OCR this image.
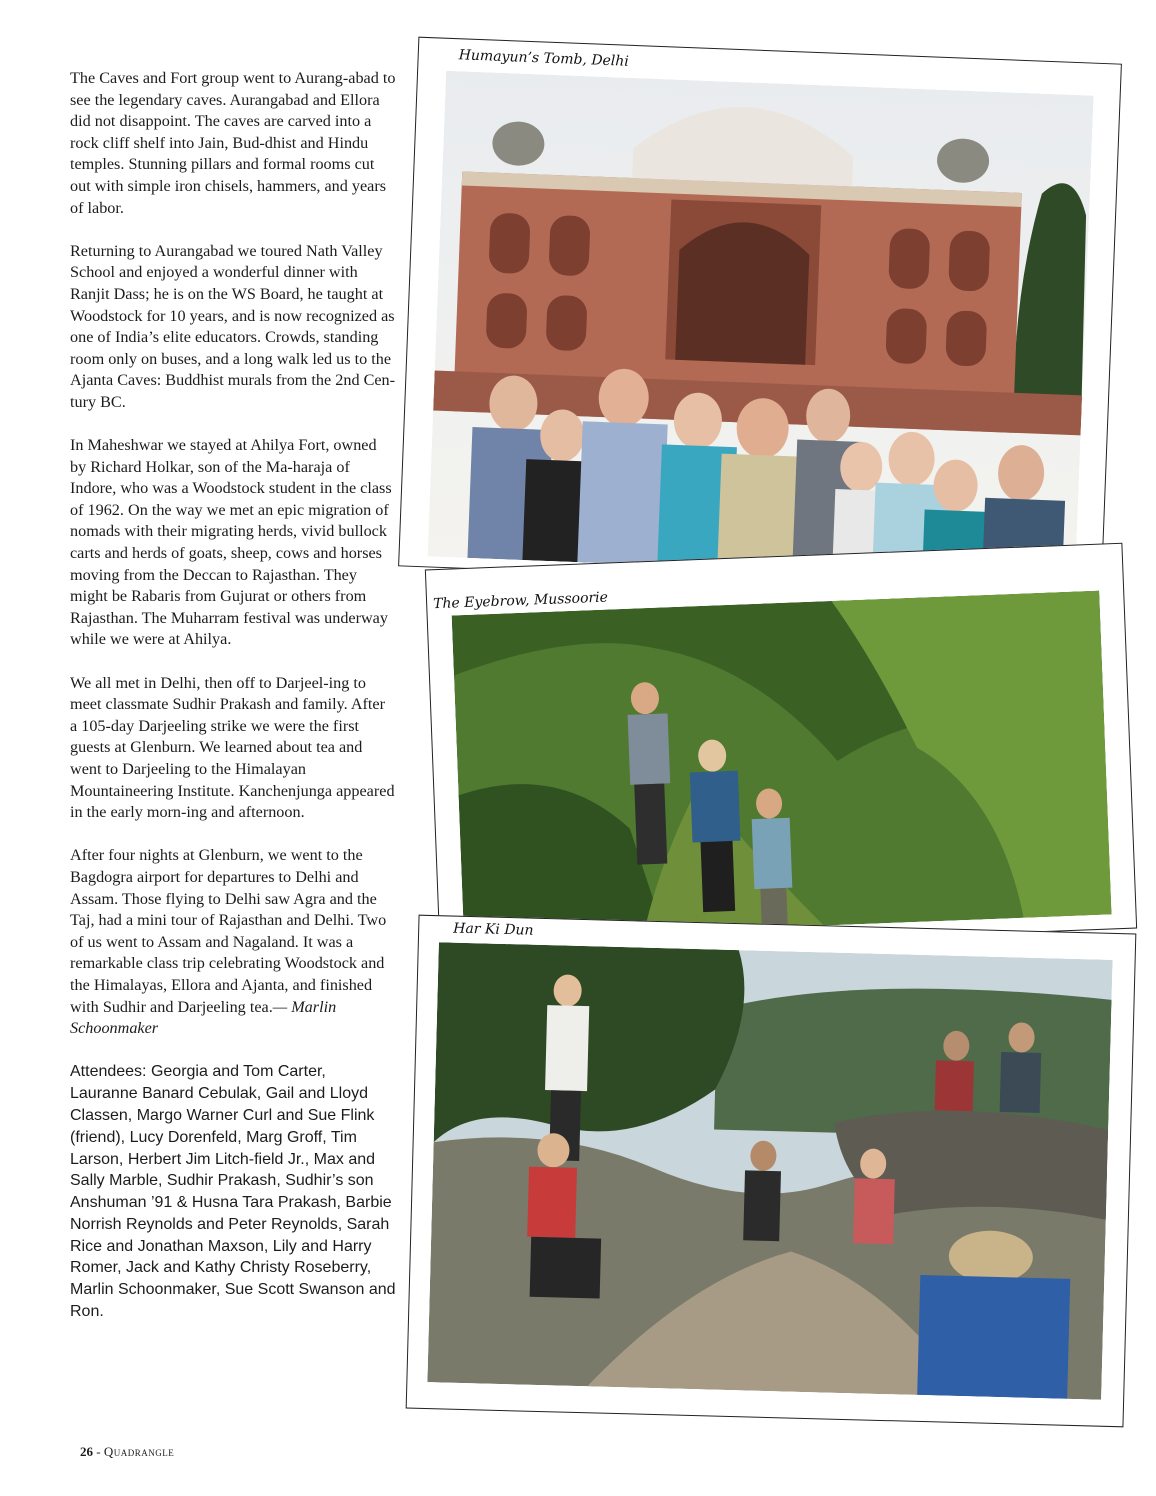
The Caves and Fort group went to Aurang-abad to see the legendary caves. Aurangabad and Ellora did not disappoint. The caves are carved into a rock cliff shelf into Jain, Bud-dhist and Hindu temples. Stunning pillars and formal rooms cut out with simple iron chisels, hammers, and years of labor.

Returning to Aurangabad we toured Nath Valley School and enjoyed a wonderful dinner with Ranjit Dass; he is on the WS Board, he taught at Woodstock for 10 years, and is now recognized as one of India’s elite educators. Crowds, standing room only on buses, and a long walk led us to the Ajanta Caves: Buddhist murals from the 2nd Cen-tury BC.

In Maheshwar we stayed at Ahilya Fort, owned by Richard Holkar, son of the Ma-haraja of Indore, who was a Woodstock student in the class of 1962. On the way we met an epic migration of nomads with their migrating herds, vivid bullock carts and herds of goats, sheep, cows and horses moving from the Deccan to Rajasthan. They might be Rabaris from Gujurat or others from Rajasthan. The Muharram festival was underway while we were at Ahilya.

We all met in Delhi, then off to Darjeel-ing to meet classmate Sudhir Prakash and family. After a 105-day Darjeeling strike we were the first guests at Glenburn. We learned about tea and went to Darjeeling to the Himalayan Mountaineering Institute. Kanchenjunga appeared in the early morn-ing and afternoon.

After four nights at Glenburn, we went to the Bagdogra airport for departures to Delhi and Assam. Those flying to Delhi saw Agra and the Taj, had a mini tour of Rajasthan and Delhi. Two of us went to Assam and Nagaland. It was a remarkable class trip celebrating Woodstock and the Himalayas, Ellora and Ajanta, and finished with Sudhir and Darjeeling tea.— Marlin Schoonmaker

Attendees: Georgia and Tom Carter, Lauranne Banard Cebulak, Gail and Lloyd Classen, Margo Warner Curl and Sue Flink (friend), Lucy Dorenfeld, Marg Groff, Tim Larson, Herbert Jim Litch-field Jr., Max and Sally Marble, Sudhir Prakash, Sudhir’s son Anshuman ’91 & Husna Tara Prakash, Barbie Norrish Reynolds and Peter Reynolds, Sarah Rice and Jonathan Maxson, Lily and Harry Romer, Jack and Kathy Christy Roseberry, Marlin Schoonmaker, Sue Scott Swanson and Ron.

Humayun’s Tomb, Delhi
The Eyebrow, Mussoorie
Har Ki Dun
26 - Quadrangle
